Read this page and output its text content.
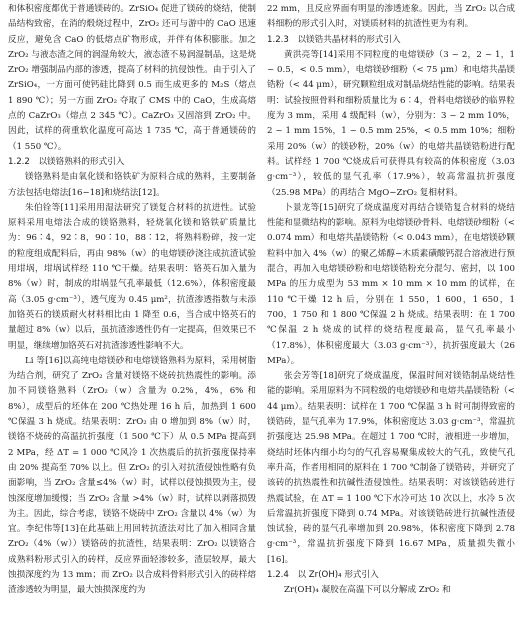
和体积密度都优于普通镁砖的。ZrSiO₄ 促进了镁砖的烧结，使制品结构致密，在消的煅烧过程中，ZrO₂ 还可与游中的 CaO 迅速反应，避免含 CaO 的低熔点矿物形成，并伴有体积膨胀。加之 ZrO₂ 与液态渣之间的润湿角较大，液态渣不易润湿制品，这是烧 ZrO₂ 增强制品内部的渗透，提高了材料的抗侵蚀性。由于引入了 ZrSiO₄，一方面可使钙硅比降到 0.5 而生成更多的 M₂S（熔点 1 890 ℃）；另一方面 ZrO₂ 夺取了 CMS 中的 CaO，生成高熔点的 CaZrO₃（熔点 2 345 ℃）。CaZrO₃ 又固溶到 ZrO₂ 中。因此，试样的荷重软化温度可高达 1 735 ℃，高于普通镁砖的（1 550 ℃）。

1.2.2　以镁铬熟料的形式引入

镁铬熟料是由氧化镁和铬铁矿为原料合成的熟料，主要制备方法包括电熔法[16−18]和烧结法[12]。

朱伯铨等[11]采用用湿法研究了镁复合材料的抗进性。试验原料采用电熔法合成的镁铬熟料，轻烧氧化镁和铬铁矿质量比为：96∶4，92∶8，90∶10，88∶12，将熟料粉碎，按一定的粒度组成配料后，再由 98%（w）的电熔镁砂浇注成抗渣试验用坩埚，坩埚试样经 110 ℃干燥。结果表明：铬英石加入量为 8%（w）时，制成的坩埚显气孔率最低（12.6%），体积密度最高（3.05 g·cm⁻³），透气度为 0.45 μm²，抗渣渗透指数与未添加铬英石的镁质耐火材料相比由 1 降至 0.6，当合成中铬英石的量超过 8%（w）以后，虽抗渣渗透性仍有一定提高，但效果已不明显，继续增加铬英石对抗渣渗透性影响不大。

Li 等[16]以高纯电熔镁砂和电熔镁铬熟料为原料，采用树脂为结合剂，研究了 ZrO₂ 含量对镁铬不烧砖抗热震性的影响。添加不同镁铬熟料（ZrO₂（w）含量为 0.2%，4%，6% 和 8%），成型后的坯体在 200 ℃热处理 16 h 后，加热到 1 600 ℃保温 3 h 烧成。结果表明：ZrO₂ 由 0 增加到 8%（w）时，镁铬不烧砖的高温抗折强度（1 500 ℃下）从 0.5 MPa 提高到 2 MPa，经 ΔT = 1 000 ℃风冷 1 次热震后的抗折强度保持率由 20% 提高至 70% 以上。但 ZrO₂ 的引入对抗渣侵蚀性略有负面影响，当 ZrO₂ 含量≤4%（w）时，试样以侵蚀损毁为主，侵蚀深度增加缓慢；当 ZrO₂ 含量 >4%（w）时，试样以剥落损毁为主。因此，综合考虑，镁铬不烧砖中 ZrO₂ 含量以 4%（w）为宜。李纪伟等[13]在此基础上用回转抗渣法对比了加入相同含量 ZrO₂（4%（w））镁铬砖的抗渣性，结果表明：ZrO₂ 以镁铬合成熟料粉形式引入的砖样，反应界面轻渗较多，渣层较厚，最大蚀损深度约为 13 mm；而 ZrO₂ 以合成料骨料形式引入的砖样熔渣渗透较为明显，最大蚀损深度约为

22 mm，且反应界面有明显的渗透迹象。因此，当 ZrO₂ 以合成料细粉的形式引入时，对镁质材料的抗渣性更为有利。

1.2.3　以镁锆共晶材料的形式引入

黄洪亮等[14]采用不同粒度的电熔镁砂（3 ~ 2，2 ~ 1，1 ~ 0.5，< 0.5 mm），电熔镁砂细粉（< 75 μm）和电熔共晶镁锆粉（< 44 μm），研究颗粒组成对制品烧结性能的影响。结果表明：试验按照骨料和细粉质量比为 6∶4，骨料电熔镁砂的临界粒度为 3 mm，采用 4 级配料（w），分别为：3 ~ 2 mm 10%，2 ~ 1 mm 15%，1 ~ 0.5 mm 25%，< 0.5 mm 10%；细粉采用 20%（w）的镁砂粉，20%（w）的电熔共晶镁锆粉进行配料。试样经 1 700 ℃烧成后可获得具有较高的体积密度（3.03 g·cm⁻³），较低的显气孔率（17.9%），较高常温抗折强度（25.98 MPa）的再结合 MgO−ZrO₂ 复相材料。

卜景龙等[15]研究了烧成温度对再结合镁锆复合材料的烧结性能和显微结构的影响。原料为电熔镁砂骨料、电熔镁砂细粉（< 0.074 mm）和电熔共晶镁锆粉（< 0.043 mm），在电熔镁砂颗粒料中加入 4%（w）的聚乙烯醇−木质素磺酸钙混合溶液进行预混合，再加入电熔镁砂粉和电熔镁锆粉充分混匀、密封，以 100 MPa 的压力成型为 53 mm × 10 mm × 10 mm 的试样，在 110 ℃干燥 12 h 后，分别在 1 550，1 600，1 650，1 700，1 750 和 1 800 ℃保温 2 h 烧成。结果表明：在 1 700 ℃保温 2 h 烧成的试样的烧结程度最高，显气孔率最小（17.8%），体积密度最大（3.03 g·cm⁻³），抗折强度最大（26 MPa）。

张会芳等[18]研究了烧成温度，保温时间对镁锆制品烧结性能的影响。采用原料为不同粒级的电熔镁砂和电熔共晶镁锆粉（< 44 μm）。结果表明：试样在 1 700 ℃保温 3 h 时可制得致密的镁锆砖，显气孔率为 17.9%，体积密度达 3.03 g·cm⁻³，常温抗折强度达 25.98 MPa。在超过 1 700 ℃时，液相进一步增加，烧结时坯体内细小均匀的气孔容易聚集成较大的气孔，致使气孔率升高，作者用相同的原料在 1 700 ℃制备了镁锆砖，并研究了该砖的抗热震性和抗碱性渣侵蚀性。结果表明：对该镁锆砖进行热震试验，在 ΔT = 1 100 ℃下水冷可达 10 次以上，水冷 5 次后常温抗折强度下降到 0.74 MPa。对该镁锆砖进行抗碱性渣侵蚀试验，砖的显气孔率增加到 20.98%，体积密度下降到 2.78 g·cm⁻³，常温抗折强度下降到 16.67 MPa，质量损失微小[16]。

1.2.4　以 Zr(OH)₄ 形式引入

Zr(OH)₄ 凝胶在高温下可以分解成 ZrO₂ 和
